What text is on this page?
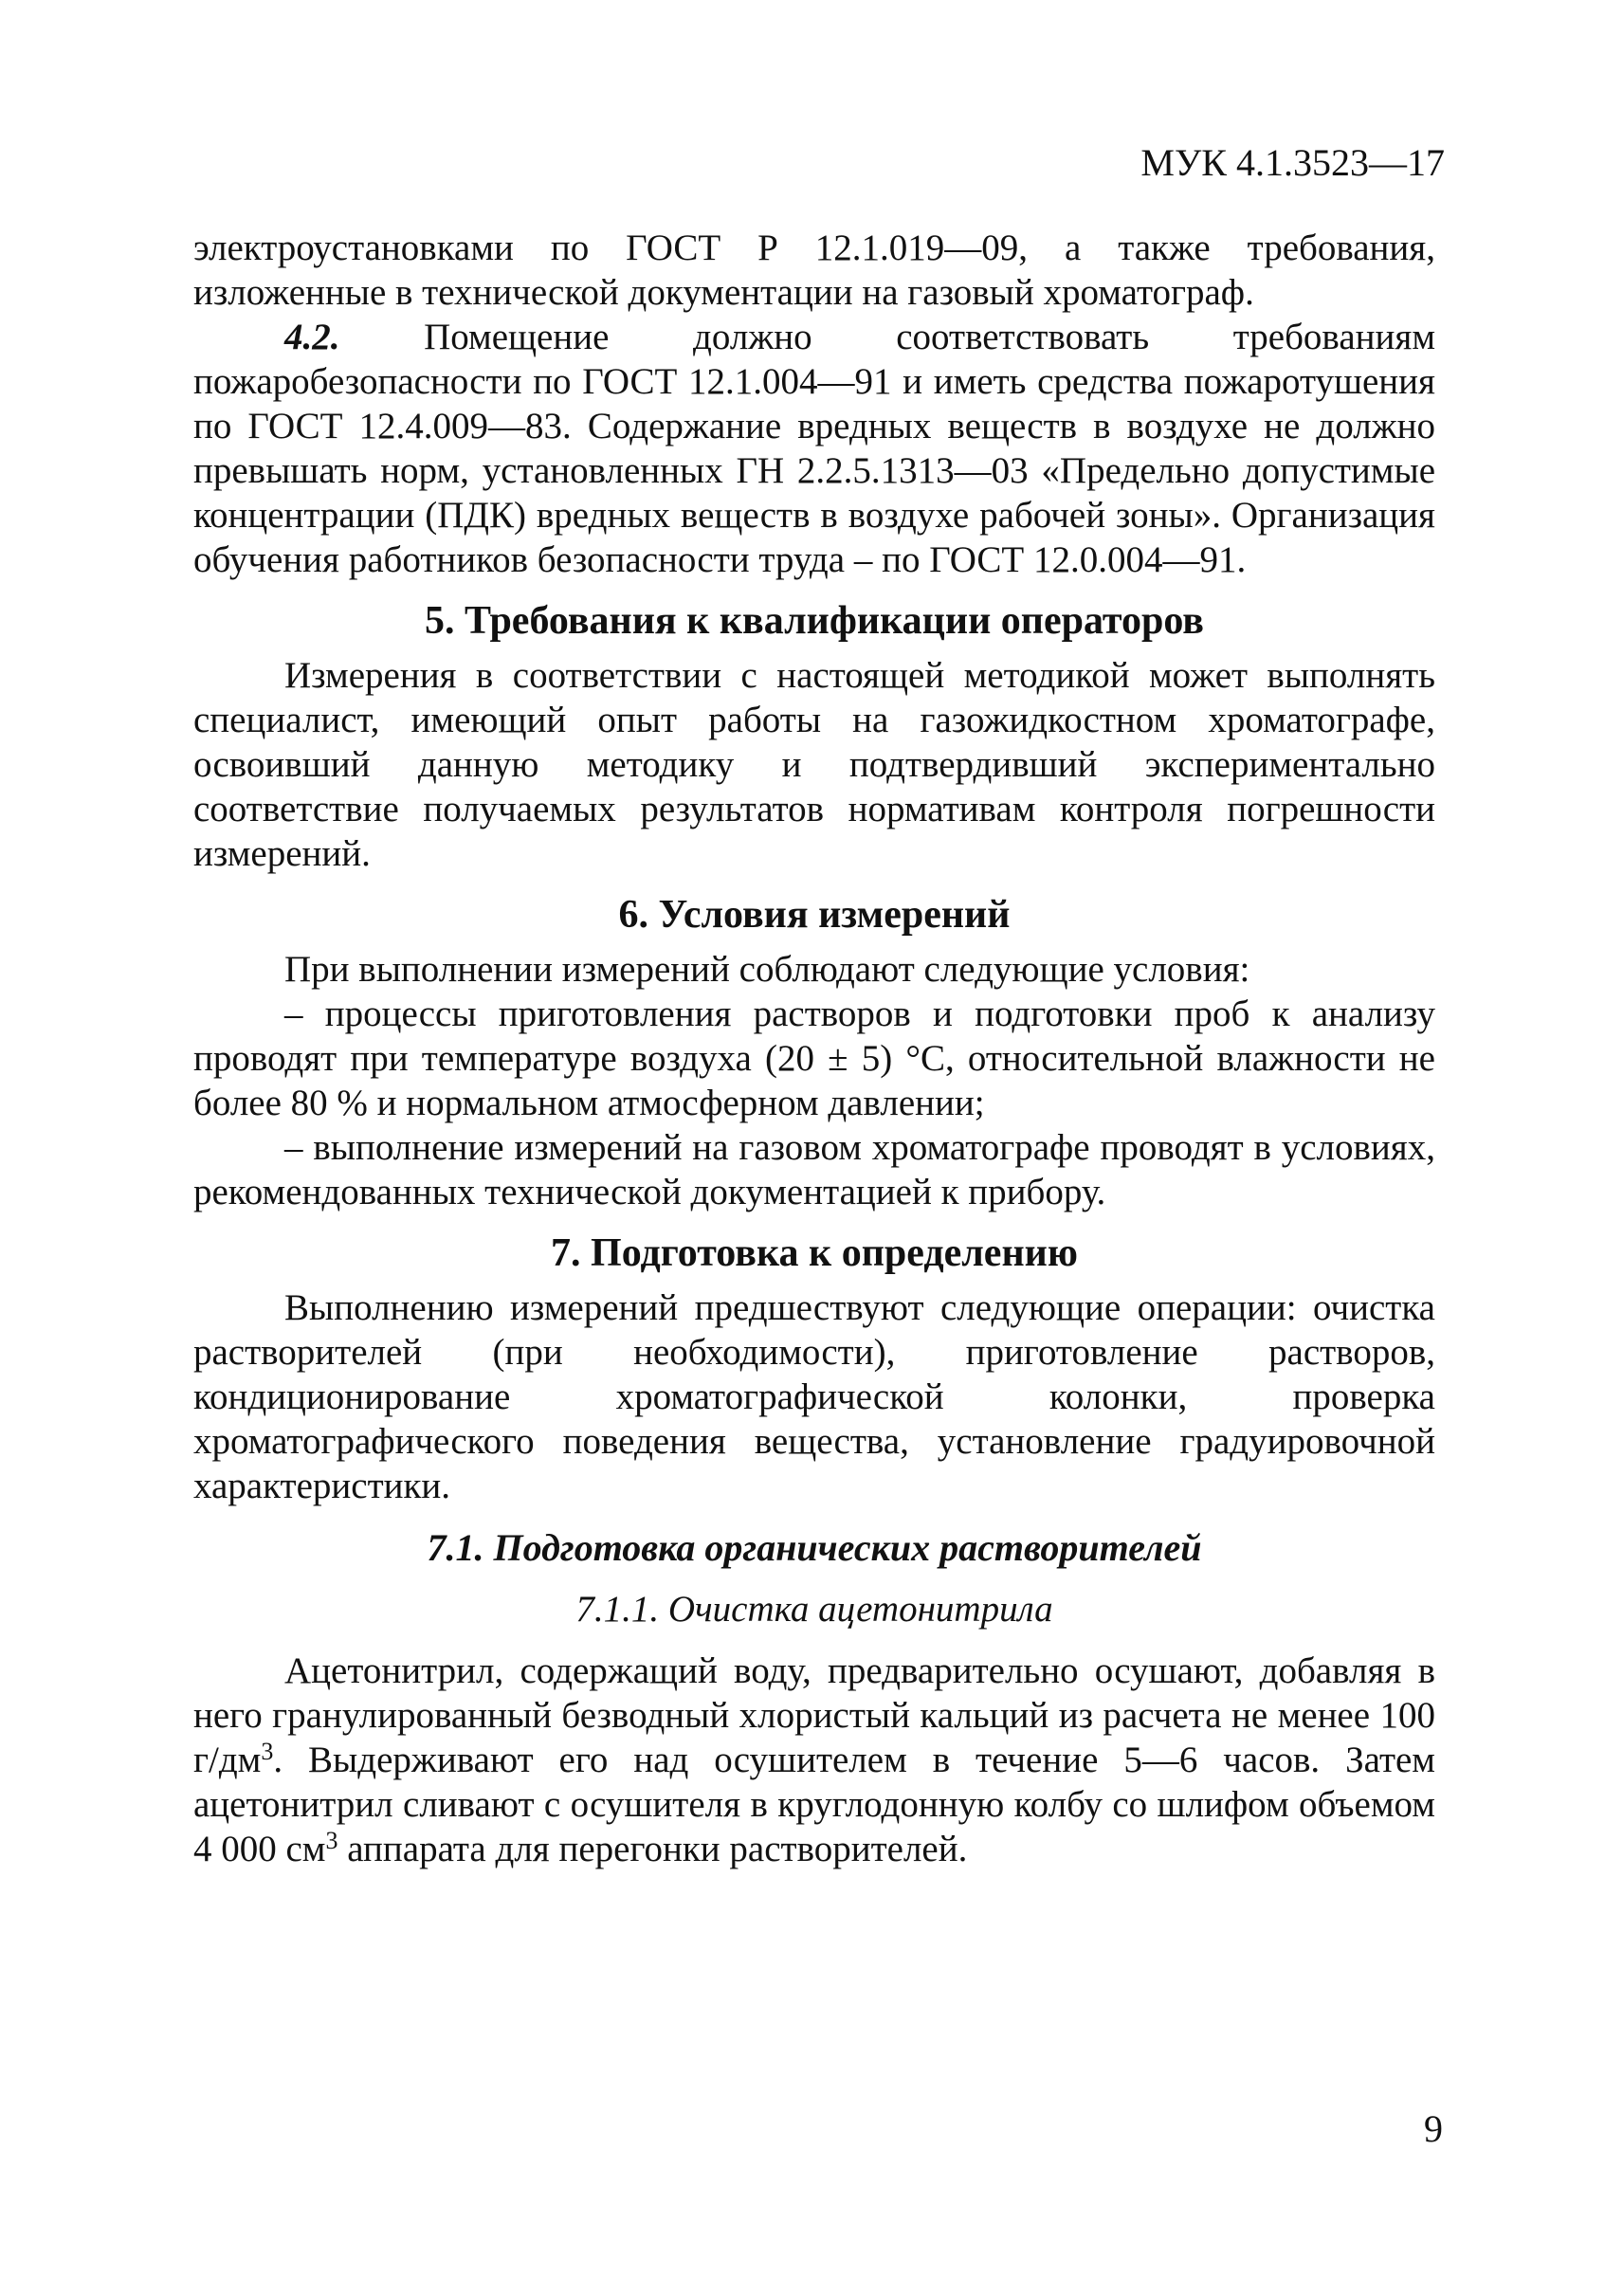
МУК 4.1.3523—17

электроустановками по ГОСТ Р 12.1.019—09, а также требования, изложенные в технической документации на газовый хроматограф.

4.2. Помещение должно соответствовать требованиям пожаробезопасности по ГОСТ 12.1.004—91 и иметь средства пожаротушения по ГОСТ 12.4.009—83. Содержание вредных веществ в воздухе не должно превышать норм, установленных ГН 2.2.5.1313—03 «Предельно допустимые концентрации (ПДК) вредных веществ в воздухе рабочей зоны». Организация обучения работников безопасности труда – по ГОСТ 12.0.004—91.

5. Требования к квалификации операторов

Измерения в соответствии с настоящей методикой может выполнять специалист, имеющий опыт работы на газожидкостном хроматографе, освоивший данную методику и подтвердивший экспериментально соответствие получаемых результатов нормативам контроля погрешности измерений.

6. Условия измерений

При выполнении измерений соблюдают следующие условия:

– процессы приготовления растворов и подготовки проб к анализу проводят при температуре воздуха (20 ± 5) °С, относительной влажности не более 80 % и нормальном атмосферном давлении;

– выполнение измерений на газовом хроматографе проводят в условиях, рекомендованных технической документацией к прибору.

7. Подготовка к определению

Выполнению измерений предшествуют следующие операции: очистка растворителей (при необходимости), приготовление растворов, кондиционирование хроматографической колонки, проверка хроматографического поведения вещества, установление градуировочной характеристики.

7.1. Подготовка органических растворителей
7.1.1. Очистка ацетонитрила

Ацетонитрил, содержащий воду, предварительно осушают, добавляя в него гранулированный безводный хлористый кальций из расчета не менее 100 $г/дм^3$. Выдерживают его над осушителем в течение 5—6 часов. Затем ацетонитрил сливают с осушителя в круглодонную колбу со шлифом объемом 4 000 $см^3$ аппарата для перегонки растворителей.

9
